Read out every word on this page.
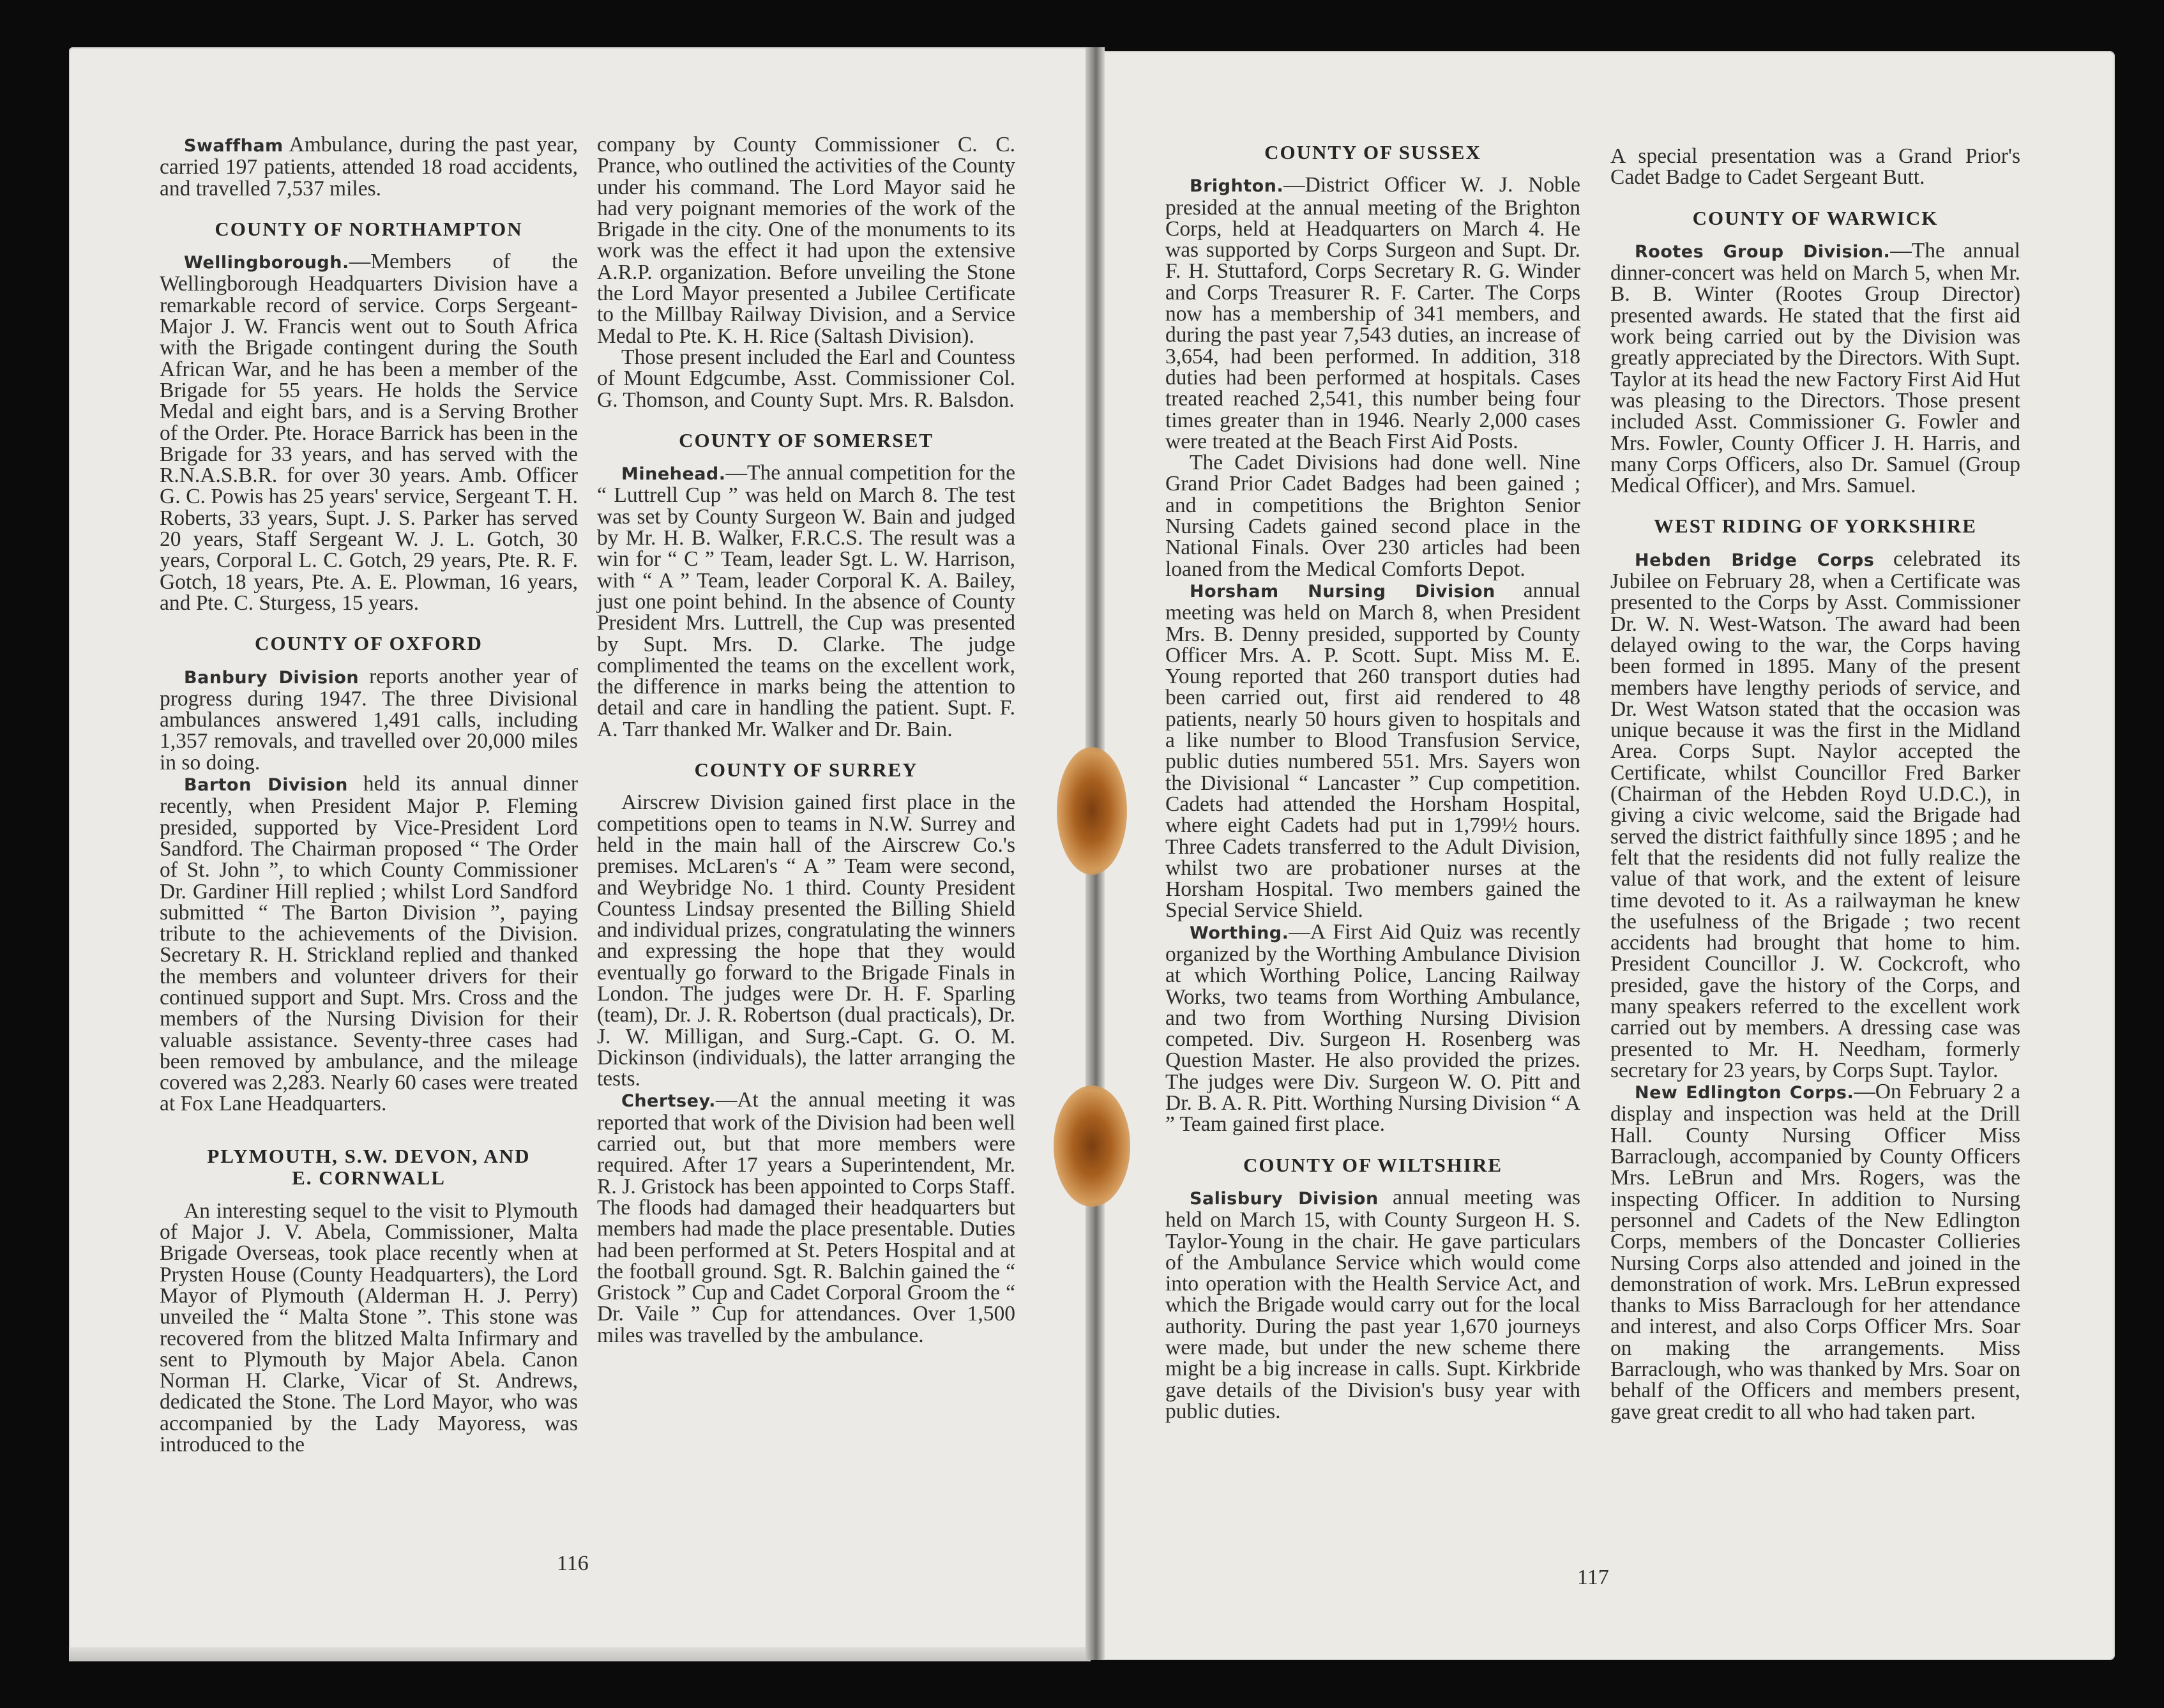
Swaffham Ambulance, during the past year, carried 197 patients, attended 18 road accidents, and travelled 7,537 miles.

COUNTY OF NORTHAMPTON

Wellingborough.—Members of the Wellingborough Headquarters Division have a remarkable record of service. Corps Sergeant-Major J. W. Francis went out to South Africa with the Brigade contingent during the South African War, and he has been a member of the Brigade for 55 years. He holds the Service Medal and eight bars, and is a Serving Brother of the Order. Pte. Horace Barrick has been in the Brigade for 33 years, and has served with the R.N.A.S.B.R. for over 30 years. Amb. Officer G. C. Powis has 25 years' service, Sergeant T. H. Roberts, 33 years, Supt. J. S. Parker has served 20 years, Staff Sergeant W. J. L. Gotch, 30 years, Corporal L. C. Gotch, 29 years, Pte. R. F. Gotch, 18 years, Pte. A. E. Plowman, 16 years, and Pte. C. Sturgess, 15 years.

COUNTY OF OXFORD

Banbury Division reports another year of progress during 1947. The three Divisional ambulances answered 1,491 calls, including 1,357 removals, and travelled over 20,000 miles in so doing.

Barton Division held its annual dinner recently, when President Major P. Fleming presided, supported by Vice-President Lord Sandford. The Chairman proposed “ The Order of St. John ”, to which County Commissioner Dr. Gardiner Hill replied ; whilst Lord Sandford submitted “ The Barton Division ”, paying tribute to the achievements of the Division. Secretary R. H. Strickland replied and thanked the members and volunteer drivers for their continued support and Supt. Mrs. Cross and the members of the Nursing Division for their valuable assistance. Seventy-three cases had been removed by ambulance, and the mileage covered was 2,283. Nearly 60 cases were treated at Fox Lane Headquarters.

PLYMOUTH, S.W. DEVON, AND
E. CORNWALL

An interesting sequel to the visit to Plymouth of Major J. V. Abela, Commissioner, Malta Brigade Overseas, took place recently when at Prysten House (County Headquarters), the Lord Mayor of Plymouth (Alderman H. J. Perry) unveiled the “ Malta Stone ”. This stone was recovered from the blitzed Malta Infirmary and sent to Plymouth by Major Abela. Canon Norman H. Clarke, Vicar of St. Andrews, dedicated the Stone. The Lord Mayor, who was accompanied by the Lady Mayoress, was introduced to the

company by County Commissioner C. C. Prance, who outlined the activities of the County under his command. The Lord Mayor said he had very poignant memories of the work of the Brigade in the city. One of the monuments to its work was the effect it had upon the extensive A.R.P. organization. Before unveiling the Stone the Lord Mayor presented a Jubilee Certificate to the Millbay Railway Division, and a Service Medal to Pte. K. H. Rice (Saltash Division).

Those present included the Earl and Countess of Mount Edgcumbe, Asst. Commissioner Col. G. Thomson, and County Supt. Mrs. R. Balsdon.

COUNTY OF SOMERSET

Minehead.—The annual competition for the “ Luttrell Cup ” was held on March 8. The test was set by County Surgeon W. Bain and judged by Mr. H. B. Walker, F.R.C.S. The result was a win for “ C ” Team, leader Sgt. L. W. Harrison, with “ A ” Team, leader Corporal K. A. Bailey, just one point behind. In the absence of County President Mrs. Luttrell, the Cup was presented by Supt. Mrs. D. Clarke. The judge complimented the teams on the excellent work, the difference in marks being the attention to detail and care in handling the patient. Supt. F. A. Tarr thanked Mr. Walker and Dr. Bain.

COUNTY OF SURREY

Airscrew Division gained first place in the competitions open to teams in N.W. Surrey and held in the main hall of the Airscrew Co.'s premises. McLaren's “ A ” Team were second, and Weybridge No. 1 third. County President Countess Lindsay presented the Billing Shield and individual prizes, congratulating the winners and expressing the hope that they would eventually go forward to the Brigade Finals in London. The judges were Dr. H. F. Sparling (team), Dr. J. R. Robertson (dual practicals), Dr. J. W. Milligan, and Surg.-Capt. G. O. M. Dickinson (individuals), the latter arranging the tests.

Chertsey.—At the annual meeting it was reported that work of the Division had been well carried out, but that more members were required. After 17 years a Superintendent, Mr. R. J. Gristock has been appointed to Corps Staff. The floods had damaged their headquarters but members had made the place presentable. Duties had been performed at St. Peters Hospital and at the football ground. Sgt. R. Balchin gained the “ Gristock ” Cup and Cadet Corporal Groom the “ Dr. Vaile ” Cup for attendances. Over 1,500 miles was travelled by the ambulance.

116
COUNTY OF SUSSEX

Brighton.—District Officer W. J. Noble presided at the annual meeting of the Brighton Corps, held at Headquarters on March 4. He was supported by Corps Surgeon and Supt. Dr. F. H. Stuttaford, Corps Secretary R. G. Winder and Corps Treasurer R. F. Carter. The Corps now has a membership of 341 members, and during the past year 7,543 duties, an increase of 3,654, had been performed. In addition, 318 duties had been performed at hospitals. Cases treated reached 2,541, this number being four times greater than in 1946. Nearly 2,000 cases were treated at the Beach First Aid Posts.

The Cadet Divisions had done well. Nine Grand Prior Cadet Badges had been gained ; and in competitions the Brighton Senior Nursing Cadets gained second place in the National Finals. Over 230 articles had been loaned from the Medical Comforts Depot.

Horsham Nursing Division annual meeting was held on March 8, when President Mrs. B. Denny presided, supported by County Officer Mrs. A. P. Scott. Supt. Miss M. E. Young reported that 260 transport duties had been carried out, first aid rendered to 48 patients, nearly 50 hours given to hospitals and a like number to Blood Transfusion Service, public duties numbered 551. Mrs. Sayers won the Divisional “ Lancaster ” Cup competition. Cadets had attended the Horsham Hospital, where eight Cadets had put in 1,799½ hours. Three Cadets transferred to the Adult Division, whilst two are probationer nurses at the Horsham Hospital. Two members gained the Special Service Shield.

Worthing.—A First Aid Quiz was recently organized by the Worthing Ambulance Division at which Worthing Police, Lancing Railway Works, two teams from Worthing Ambulance, and two from Worthing Nursing Division competed. Div. Surgeon H. Rosenberg was Question Master. He also provided the prizes. The judges were Div. Surgeon W. O. Pitt and Dr. B. A. R. Pitt. Worthing Nursing Division “ A ” Team gained first place.

COUNTY OF WILTSHIRE

Salisbury Division annual meeting was held on March 15, with County Surgeon H. S. Taylor-Young in the chair. He gave particulars of the Ambulance Service which would come into operation with the Health Service Act, and which the Brigade would carry out for the local authority. During the past year 1,670 journeys were made, but under the new scheme there might be a big increase in calls. Supt. Kirkbride gave details of the Division's busy year with public duties.

A special presentation was a Grand Prior's Cadet Badge to Cadet Sergeant Butt.

COUNTY OF WARWICK

Rootes Group Division.—The annual dinner-concert was held on March 5, when Mr. B. B. Winter (Rootes Group Director) presented awards. He stated that the first aid work being carried out by the Division was greatly appreciated by the Directors. With Supt. Taylor at its head the new Factory First Aid Hut was pleasing to the Directors. Those present included Asst. Commissioner G. Fowler and Mrs. Fowler, County Officer J. H. Harris, and many Corps Officers, also Dr. Samuel (Group Medical Officer), and Mrs. Samuel.

WEST RIDING OF YORKSHIRE

Hebden Bridge Corps celebrated its Jubilee on February 28, when a Certificate was presented to the Corps by Asst. Commissioner Dr. W. N. West-Watson. The award had been delayed owing to the war, the Corps having been formed in 1895. Many of the present members have lengthy periods of service, and Dr. West Watson stated that the occasion was unique because it was the first in the Midland Area. Corps Supt. Naylor accepted the Certificate, whilst Councillor Fred Barker (Chairman of the Hebden Royd U.D.C.), in giving a civic welcome, said the Brigade had served the district faithfully since 1895 ; and he felt that the residents did not fully realize the value of that work, and the extent of leisure time devoted to it. As a railwayman he knew the usefulness of the Brigade ; two recent accidents had brought that home to him. President Councillor J. W. Cockcroft, who presided, gave the history of the Corps, and many speakers referred to the excellent work carried out by members. A dressing case was presented to Mr. H. Needham, formerly secretary for 23 years, by Corps Supt. Taylor.

New Edlington Corps.—On February 2 a display and inspection was held at the Drill Hall. County Nursing Officer Miss Barraclough, accompanied by County Officers Mrs. LeBrun and Mrs. Rogers, was the inspecting Officer. In addition to Nursing personnel and Cadets of the New Edlington Corps, members of the Doncaster Collieries Nursing Corps also attended and joined in the demonstration of work. Mrs. LeBrun expressed thanks to Miss Barraclough for her attendance and interest, and also Corps Officer Mrs. Soar on making the arrangements. Miss Barraclough, who was thanked by Mrs. Soar on behalf of the Officers and members present, gave great credit to all who had taken part.

117
